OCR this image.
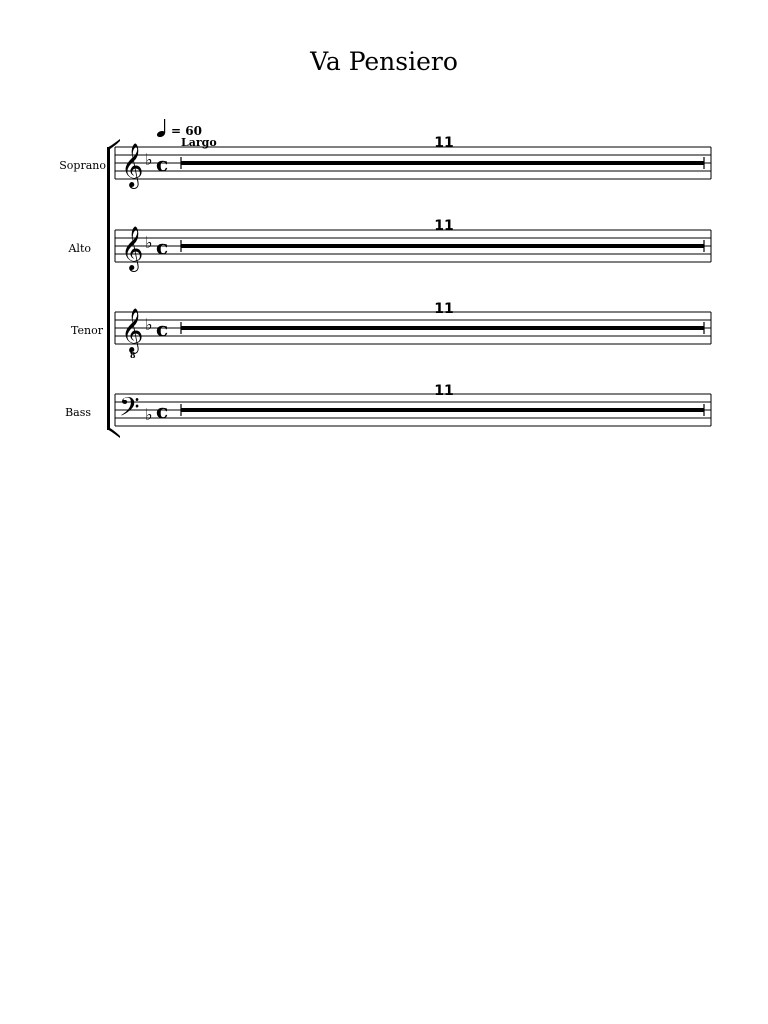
Va Pensiero
= 60
Largo
Soprano
Alto
Tenor
Bass
11
11
11
11
𝄞 ♭ c
𝄞 ♭ c
𝄞
8
♭ c
𝄢 ♭ c
